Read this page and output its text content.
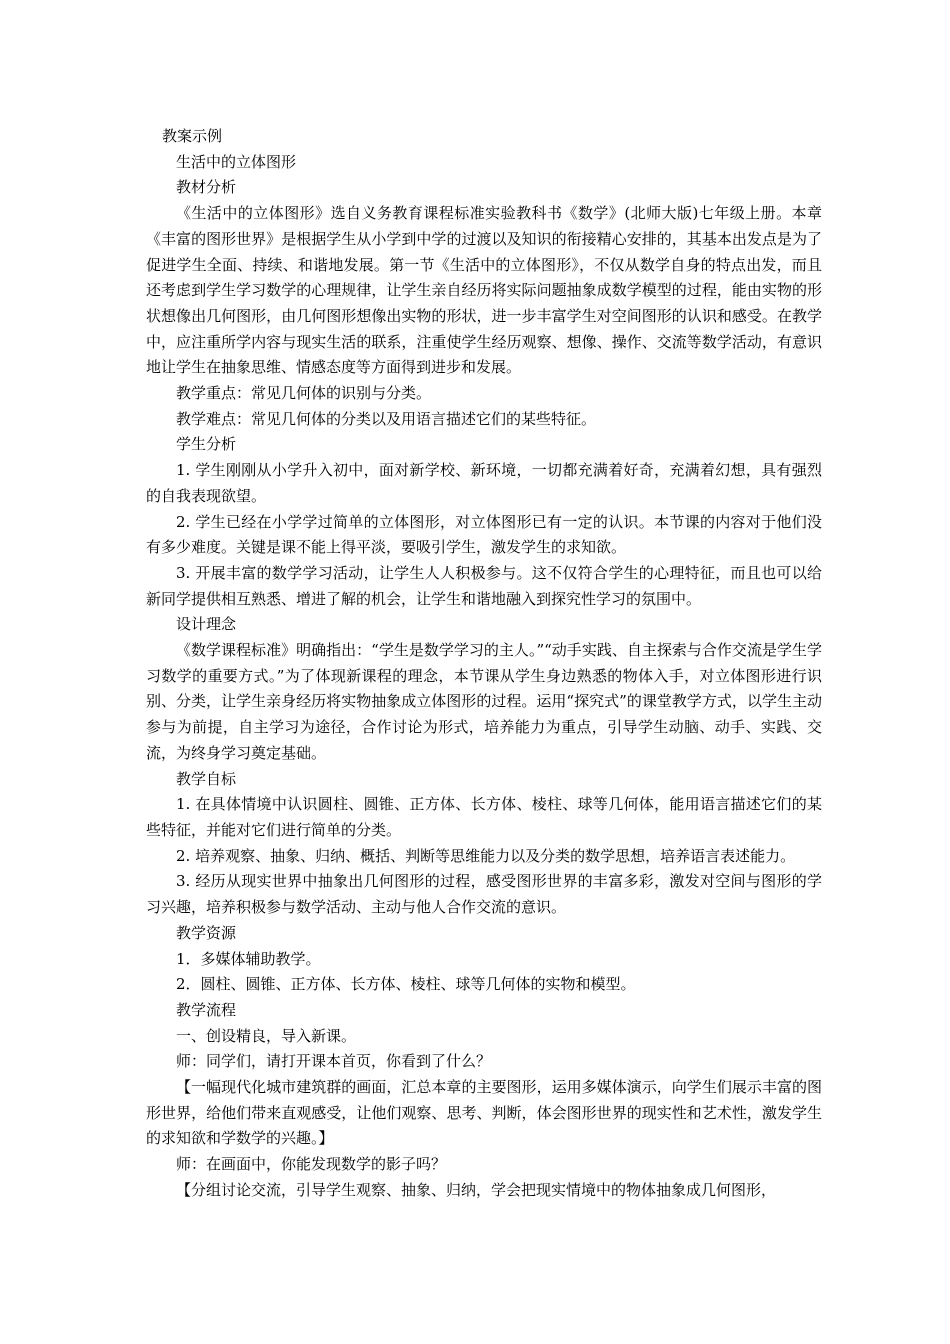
教案示例

生活中的立体图形

教材分析

《生活中的立体图形》选自义务教育课程标准实验教科书《数学》(北师大版)七年级上册。本章《丰富的图形世界》是根据学生从小学到中学的过渡以及知识的衔接精心安排的，其基本出发点是为了促进学生全面、持续、和谐地发展。第一节《生活中的立体图形》，不仅从数学自身的特点出发，而且还考虑到学生学习数学的心理规律，让学生亲自经历将实际问题抽象成数学模型的过程，能由实物的形状想像出几何图形，由几何图形想像出实物的形状，进一步丰富学生对空间图形的认识和感受。在教学中，应注重所学内容与现实生活的联系，注重使学生经历观察、想像、操作、交流等数学活动，有意识地让学生在抽象思维、情感态度等方面得到进步和发展。

教学重点：常见几何体的识别与分类。

教学难点：常见几何体的分类以及用语言描述它们的某些特征。

学生分析

1. 学生刚刚从小学升入初中，面对新学校、新环境，一切都充满着好奇，充满着幻想，具有强烈的自我表现欲望。

2. 学生已经在小学学过简单的立体图形，对立体图形已有一定的认识。本节课的内容对于他们没有多少难度。关键是课不能上得平淡，要吸引学生，激发学生的求知欲。

3. 开展丰富的数学学习活动，让学生人人积极参与。这不仅符合学生的心理特征，而且也可以给新同学提供相互熟悉、增进了解的机会，让学生和谐地融入到探究性学习的氛围中。

设计理念

《数学课程标准》明确指出：“学生是数学学习的主人。”“动手实践、自主探索与合作交流是学生学习数学的重要方式。”为了体现新课程的理念，本节课从学生身边熟悉的物体入手，对立体图形进行识别、分类，让学生亲身经历将实物抽象成立体图形的过程。运用“探究式”的课堂教学方式，以学生主动参与为前提，自主学习为途径，合作讨论为形式，培养能力为重点，引导学生动脑、动手、实践、交流，为终身学习奠定基础。

教学自标

1. 在具体情境中认识圆柱、圆锥、正方体、长方体、棱柱、球等几何体，能用语言描述它们的某些特征，并能对它们进行简单的分类。

2. 培养观察、抽象、归纳、概括、判断等思维能力以及分类的数学思想，培养语言表述能力。

3. 经历从现实世界中抽象出几何图形的过程，感受图形世界的丰富多彩，激发对空间与图形的学习兴趣，培养积极参与数学活动、主动与他人合作交流的意识。

教学资源

1．多媒体辅助教学。

2．圆柱、圆锥、正方体、长方体、棱柱、球等几何体的实物和模型。

教学流程

一、创设精良，导入新课。

师：同学们，请打开课本首页，你看到了什么？

【一幅现代化城市建筑群的画面，汇总本章的主要图形，运用多媒体演示，向学生们展示丰富的图形世界，给他们带来直观感受，让他们观察、思考、判断，体会图形世界的现实性和艺术性，激发学生的求知欲和学数学的兴趣。】

师：在画面中，你能发现数学的影子吗？

【分组讨论交流，引导学生观察、抽象、归纳，学会把现实情境中的物体抽象成几何图形，
